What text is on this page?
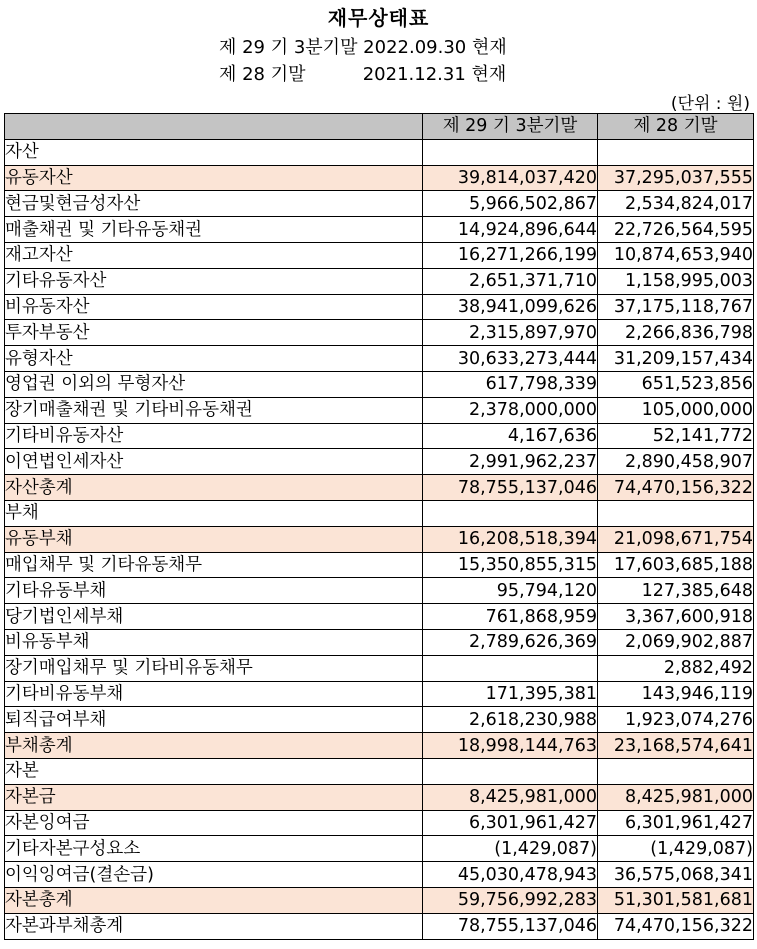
재무상태표
제 29 기 3분기말 2022.09.30 현재
제 28 기말          2021.12.31 현재
(단위 : 원)
	제 29 기 3분기말	제 28 기말
자산		
유동자산	39,814,037,420	37,295,037,555
현금및현금성자산	5,966,502,867	2,534,824,017
매출채권 및 기타유동채권	14,924,896,644	22,726,564,595
재고자산	16,271,266,199	10,874,653,940
기타유동자산	2,651,371,710	1,158,995,003
비유동자산	38,941,099,626	37,175,118,767
투자부동산	2,315,897,970	2,266,836,798
유형자산	30,633,273,444	31,209,157,434
영업권 이외의 무형자산	617,798,339	651,523,856
장기매출채권 및 기타비유동채권	2,378,000,000	105,000,000
기타비유동자산	4,167,636	52,141,772
이연법인세자산	2,991,962,237	2,890,458,907
자산총계	78,755,137,046	74,470,156,322
부채		
유동부채	16,208,518,394	21,098,671,754
매입채무 및 기타유동채무	15,350,855,315	17,603,685,188
기타유동부채	95,794,120	127,385,648
당기법인세부채	761,868,959	3,367,600,918
비유동부채	2,789,626,369	2,069,902,887
장기매입채무 및 기타비유동채무		2,882,492
기타비유동부채	171,395,381	143,946,119
퇴직급여부채	2,618,230,988	1,923,074,276
부채총계	18,998,144,763	23,168,574,641
자본		
자본금	8,425,981,000	8,425,981,000
자본잉여금	6,301,961,427	6,301,961,427
기타자본구성요소	(1,429,087)	(1,429,087)
이익잉여금(결손금)	45,030,478,943	36,575,068,341
자본총계	59,756,992,283	51,301,581,681
자본과부채총계	78,755,137,046	74,470,156,322
